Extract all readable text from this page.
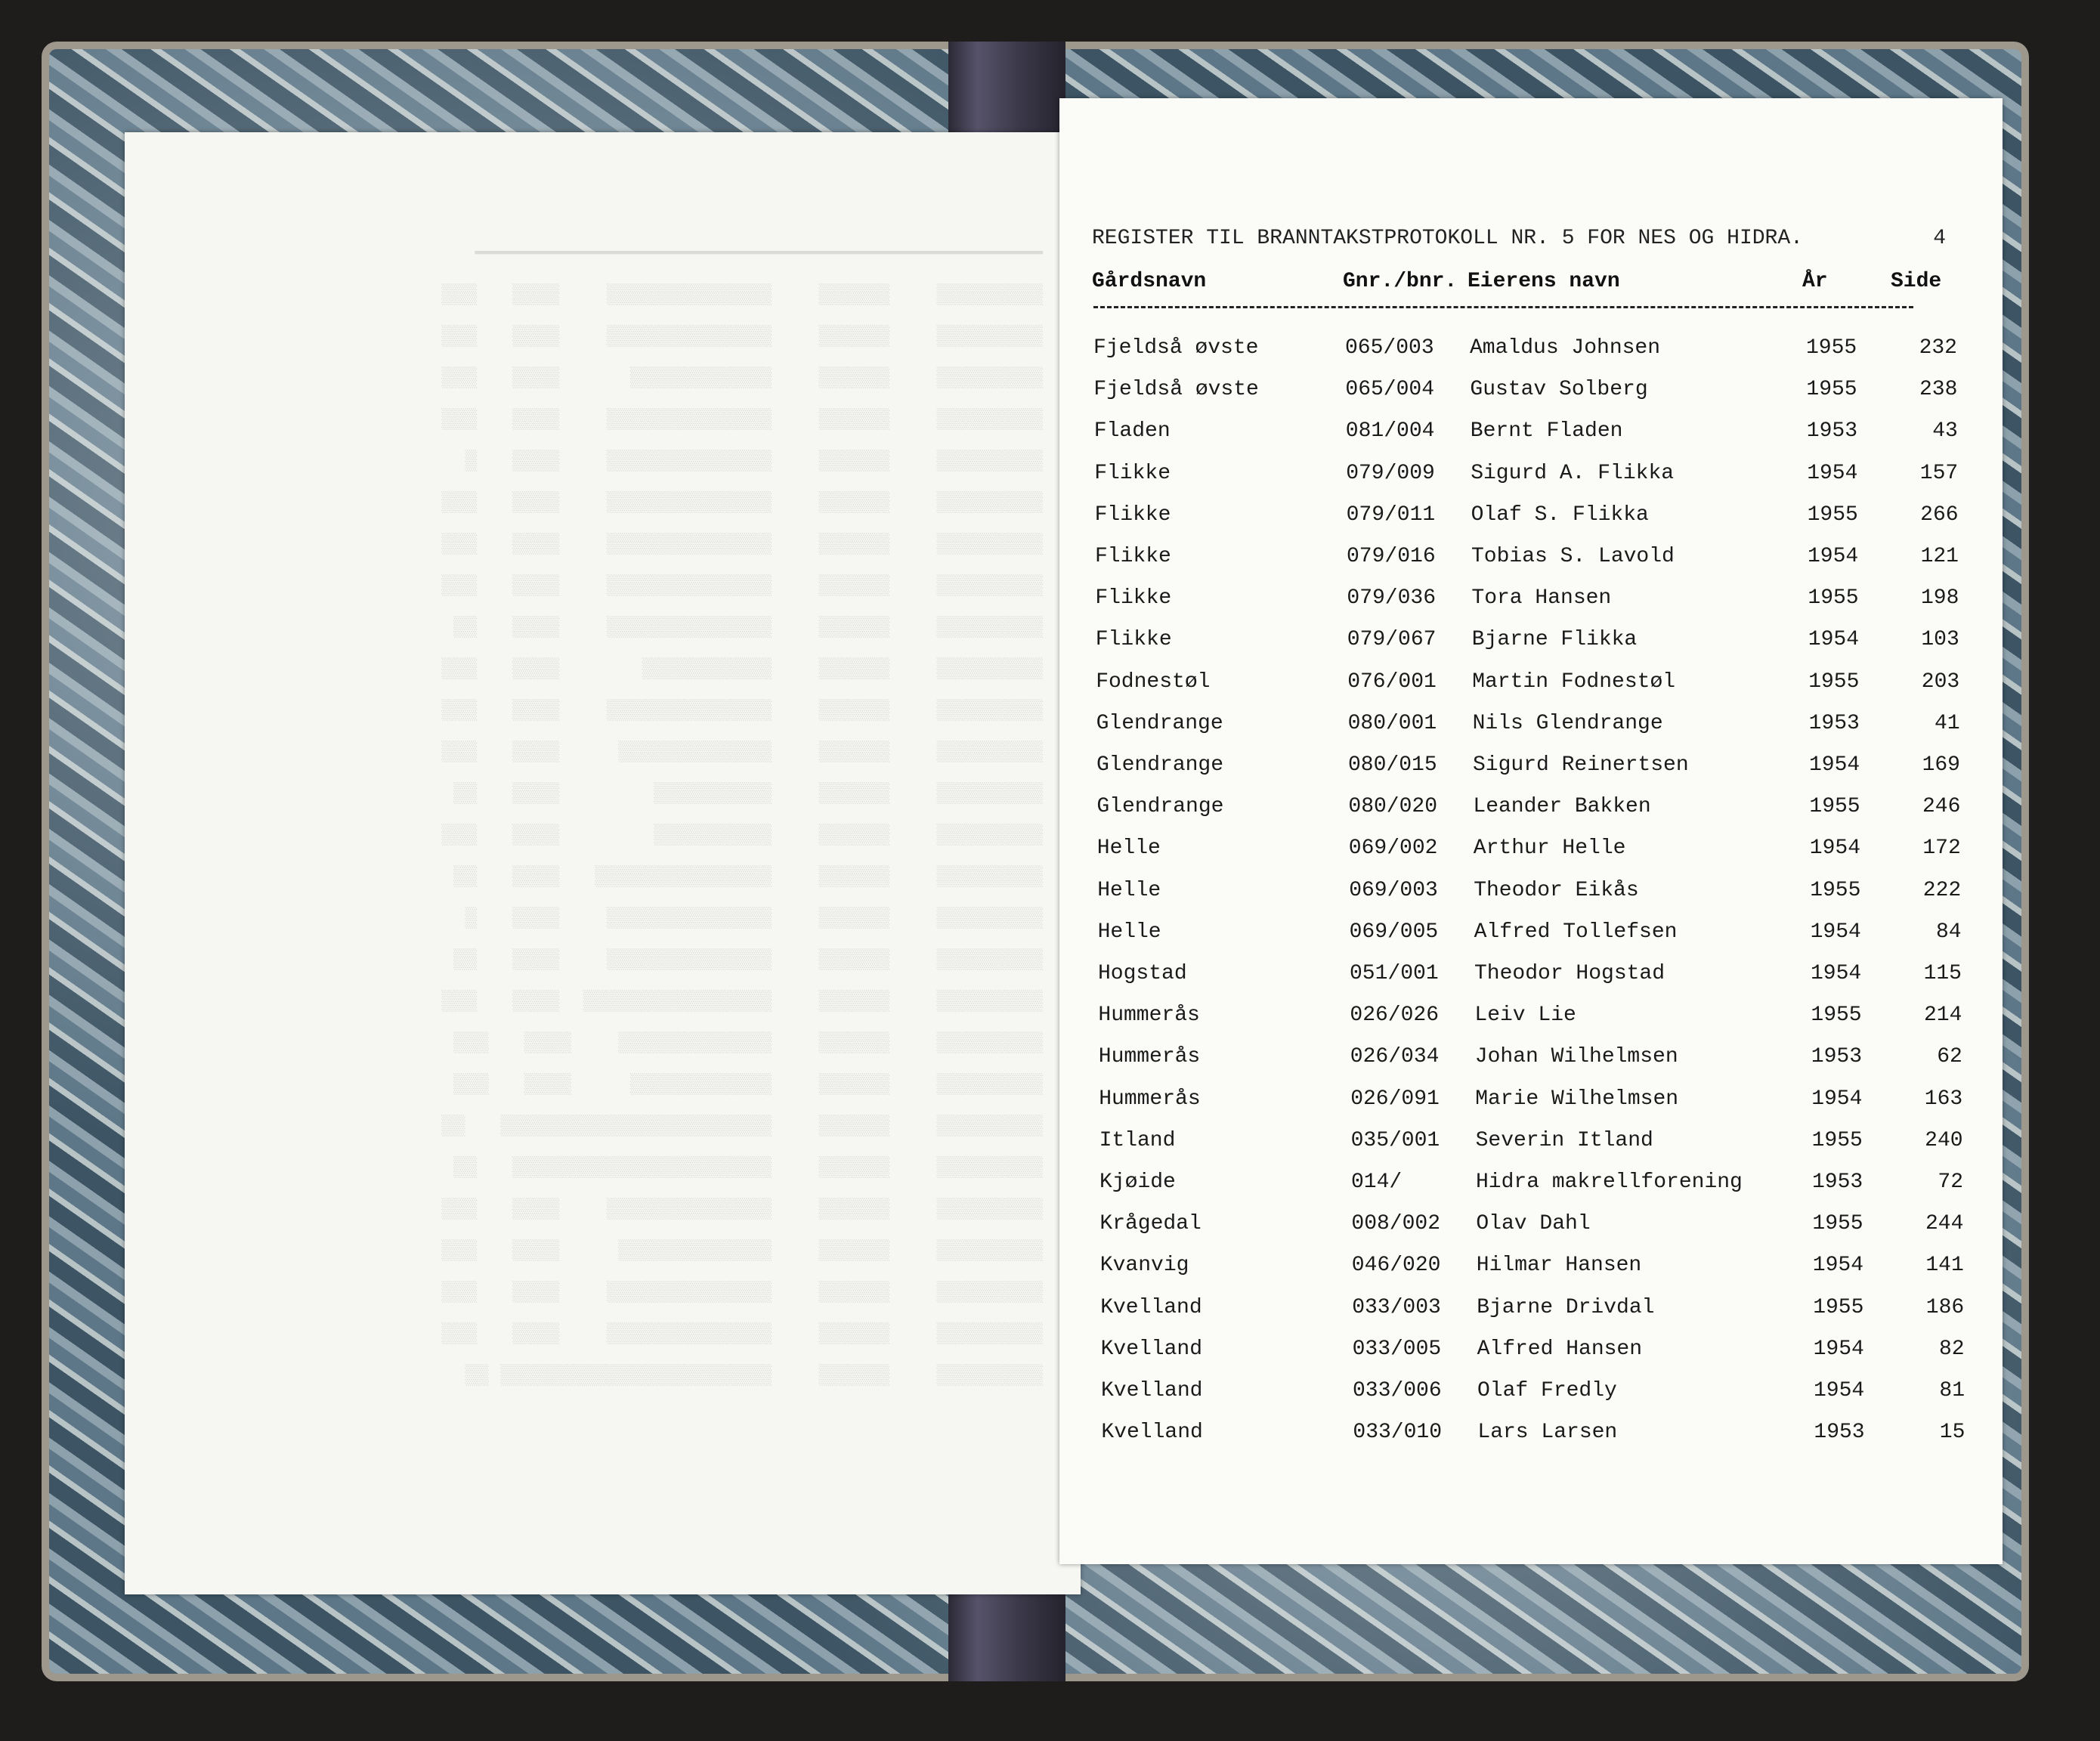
━━━━━━━━━━━━━━━━━━━━━━━━━━━━━━━━━━━━━━━━━━━━━━━━
▒▒▒▒▒▒▒▒▒    ▒▒▒▒▒▒    ▒▒▒▒▒▒▒▒▒▒▒▒▒▒    ▒▒▒▒   ▒▒▒
▒▒▒▒▒▒▒▒▒    ▒▒▒▒▒▒    ▒▒▒▒▒▒▒▒▒▒▒▒▒▒    ▒▒▒▒   ▒▒▒
▒▒▒▒▒▒▒▒▒    ▒▒▒▒▒▒    ▒▒▒▒▒▒▒▒▒▒▒▒      ▒▒▒▒   ▒▒▒
▒▒▒▒▒▒▒▒▒    ▒▒▒▒▒▒    ▒▒▒▒▒▒▒▒▒▒▒▒▒▒    ▒▒▒▒   ▒▒▒
▒▒▒▒▒▒▒▒▒    ▒▒▒▒▒▒    ▒▒▒▒▒▒▒▒▒▒▒▒▒▒    ▒▒▒▒   ▒
▒▒▒▒▒▒▒▒▒    ▒▒▒▒▒▒    ▒▒▒▒▒▒▒▒▒▒▒▒▒▒    ▒▒▒▒   ▒▒▒
▒▒▒▒▒▒▒▒▒    ▒▒▒▒▒▒    ▒▒▒▒▒▒▒▒▒▒▒▒▒▒    ▒▒▒▒   ▒▒▒
▒▒▒▒▒▒▒▒▒    ▒▒▒▒▒▒    ▒▒▒▒▒▒▒▒▒▒▒▒▒▒    ▒▒▒▒   ▒▒▒
▒▒▒▒▒▒▒▒▒    ▒▒▒▒▒▒    ▒▒▒▒▒▒▒▒▒▒▒▒▒▒    ▒▒▒▒   ▒▒
▒▒▒▒▒▒▒▒▒    ▒▒▒▒▒▒    ▒▒▒▒▒▒▒▒▒▒▒       ▒▒▒▒   ▒▒▒
▒▒▒▒▒▒▒▒▒    ▒▒▒▒▒▒    ▒▒▒▒▒▒▒▒▒▒▒▒▒▒    ▒▒▒▒   ▒▒▒
▒▒▒▒▒▒▒▒▒    ▒▒▒▒▒▒    ▒▒▒▒▒▒▒▒▒▒▒▒▒     ▒▒▒▒   ▒▒▒
▒▒▒▒▒▒▒▒▒    ▒▒▒▒▒▒    ▒▒▒▒▒▒▒▒▒▒        ▒▒▒▒   ▒▒
▒▒▒▒▒▒▒▒▒    ▒▒▒▒▒▒    ▒▒▒▒▒▒▒▒▒▒        ▒▒▒▒   ▒▒▒
▒▒▒▒▒▒▒▒▒    ▒▒▒▒▒▒    ▒▒▒▒▒▒▒▒▒▒▒▒▒▒▒   ▒▒▒▒   ▒▒
▒▒▒▒▒▒▒▒▒    ▒▒▒▒▒▒    ▒▒▒▒▒▒▒▒▒▒▒▒▒▒    ▒▒▒▒   ▒
▒▒▒▒▒▒▒▒▒    ▒▒▒▒▒▒    ▒▒▒▒▒▒▒▒▒▒▒▒▒▒    ▒▒▒▒   ▒▒
▒▒▒▒▒▒▒▒▒    ▒▒▒▒▒▒    ▒▒▒▒▒▒▒▒▒▒▒▒▒▒▒▒  ▒▒▒▒   ▒▒▒
▒▒▒▒▒▒▒▒▒    ▒▒▒▒▒▒    ▒▒▒▒▒▒▒▒▒▒▒▒▒    ▒▒▒▒   ▒▒▒
▒▒▒▒▒▒▒▒▒    ▒▒▒▒▒▒    ▒▒▒▒▒▒▒▒▒▒▒▒     ▒▒▒▒   ▒▒▒
▒▒▒▒▒▒▒▒▒    ▒▒▒▒▒▒    ▒▒▒▒▒▒▒▒▒▒▒▒▒▒▒▒▒▒▒▒▒▒▒   ▒▒
▒▒▒▒▒▒▒▒▒    ▒▒▒▒▒▒    ▒▒▒▒▒▒▒▒▒▒▒▒▒▒▒▒▒▒▒▒▒▒   ▒▒
▒▒▒▒▒▒▒▒▒    ▒▒▒▒▒▒    ▒▒▒▒▒▒▒▒▒▒▒▒▒▒    ▒▒▒▒   ▒▒▒
▒▒▒▒▒▒▒▒▒    ▒▒▒▒▒▒    ▒▒▒▒▒▒▒▒▒▒▒▒▒     ▒▒▒▒   ▒▒▒
▒▒▒▒▒▒▒▒▒    ▒▒▒▒▒▒    ▒▒▒▒▒▒▒▒▒▒▒▒▒▒    ▒▒▒▒   ▒▒▒
▒▒▒▒▒▒▒▒▒    ▒▒▒▒▒▒    ▒▒▒▒▒▒▒▒▒▒▒▒▒▒    ▒▒▒▒   ▒▒▒
▒▒▒▒▒▒▒▒▒    ▒▒▒▒▒▒    ▒▒▒▒▒▒▒▒▒▒▒▒▒▒▒▒▒▒▒▒▒▒▒ ▒▒
REGISTER TIL BRANNTAKSTPROTOKOLL NR. 5 FOR NES OG HIDRA.	4
Gårdsnavn	Gnr./bnr. Eierens navn	År	Side
Fjeldså øvste	065/003 Amaldus Johnsen	1955	232
Fjeldså øvste	065/004 Gustav Solberg	1955	238
Fladen	081/004 Bernt Fladen	1953	43
Flikke	079/009 Sigurd A. Flikka	1954	157
Flikke	079/011 Olaf S. Flikka	1955	266
Flikke	079/016 Tobias S. Lavold	1954	121
Flikke	079/036 Tora Hansen	1955	198
Flikke	079/067 Bjarne Flikka	1954	103
Fodnestøl	076/001 Martin Fodnestøl	1955	203
Glendrange	080/001 Nils Glendrange	1953	41
Glendrange	080/015 Sigurd Reinertsen	1954	169
Glendrange	080/020 Leander Bakken	1955	246
Helle	069/002 Arthur Helle	1954	172
Helle	069/003 Theodor Eikås	1955	222
Helle	069/005 Alfred Tollefsen	1954	84
Hogstad	051/001 Theodor Hogstad	1954	115
Hummerås	026/026 Leiv Lie	1955	214
Hummerås	026/034 Johan Wilhelmsen	1953	62
Hummerås	026/091 Marie Wilhelmsen	1954	163
Itland	035/001 Severin Itland	1955	240
Kjøide	014/	Hidra makrellforening	1953	72
Krågedal	008/002 Olav Dahl	1955	244
Kvanvig	046/020 Hilmar Hansen	1954	141
Kvelland	033/003 Bjarne Drivdal	1955	186
Kvelland	033/005 Alfred Hansen	1954	82
Kvelland	033/006 Olaf Fredly	1954	81
Kvelland	033/010 Lars Larsen	1953	15
